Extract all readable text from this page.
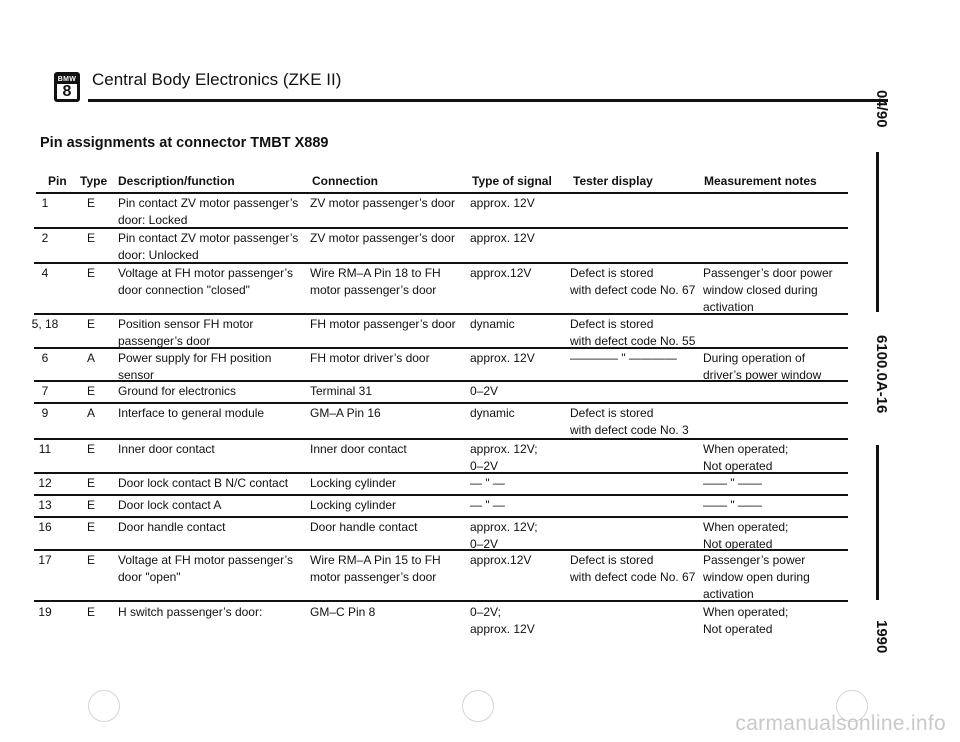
BMW
8
Central Body Electronics (ZKE II)
Pin assignments at connector TMBT X889
Pin Type Description/function	Connection	Type of signal Tester display	Measurement notes
1	E	Pin contact ZV motor passenger’s
door: Locked
ZV motor passenger’s door approx. 12V
2	E	Pin contact ZV motor passenger’s
door: Unlocked
ZV motor passenger’s door approx. 12V
4	E	Voltage at FH motor passenger’s
door connection "closed"
Wire RM–A Pin 18 to FH
motor passenger’s door
approx.12V	Defect is stored
with defect code No. 67
Passenger’s door power
window closed during
activation
5, 18	E	Position sensor FH motor
passenger’s door
FH motor passenger’s door dynamic	Defect is stored
with defect code No. 55
6	A	Power supply for FH position
sensor
FH motor driver’s door	approx. 12V	———— " ———— During operation of
driver’s power window
7	E	Ground for electronics	Terminal 31	0–2V
9	A	Interface to general module	GM–A Pin 16	dynamic	Defect is stored
with defect code No. 3
11	E	Inner door contact	Inner door contact	approx. 12V;
0–2V
When operated;
Not operated
12	E	Door lock contact B N/C contact Locking cylinder	— " —	—— " ——
13	E	Door lock contact A	Locking cylinder	— " —	—— " ——
16	E	Door handle contact	Door handle contact	approx. 12V;
0–2V
When operated;
Not operated
17	E	Voltage at FH motor passenger’s
door "open"
Wire RM–A Pin 15 to FH
motor passenger’s door
approx.12V	Defect is stored
with defect code No. 67
Passenger’s power
window open during
activation
19	E	H switch passenger’s door:	GM–C Pin 8	0–2V;
approx. 12V
When operated;
Not operated
04/90
6100.0A-16
1990
carmanualsonline.info
